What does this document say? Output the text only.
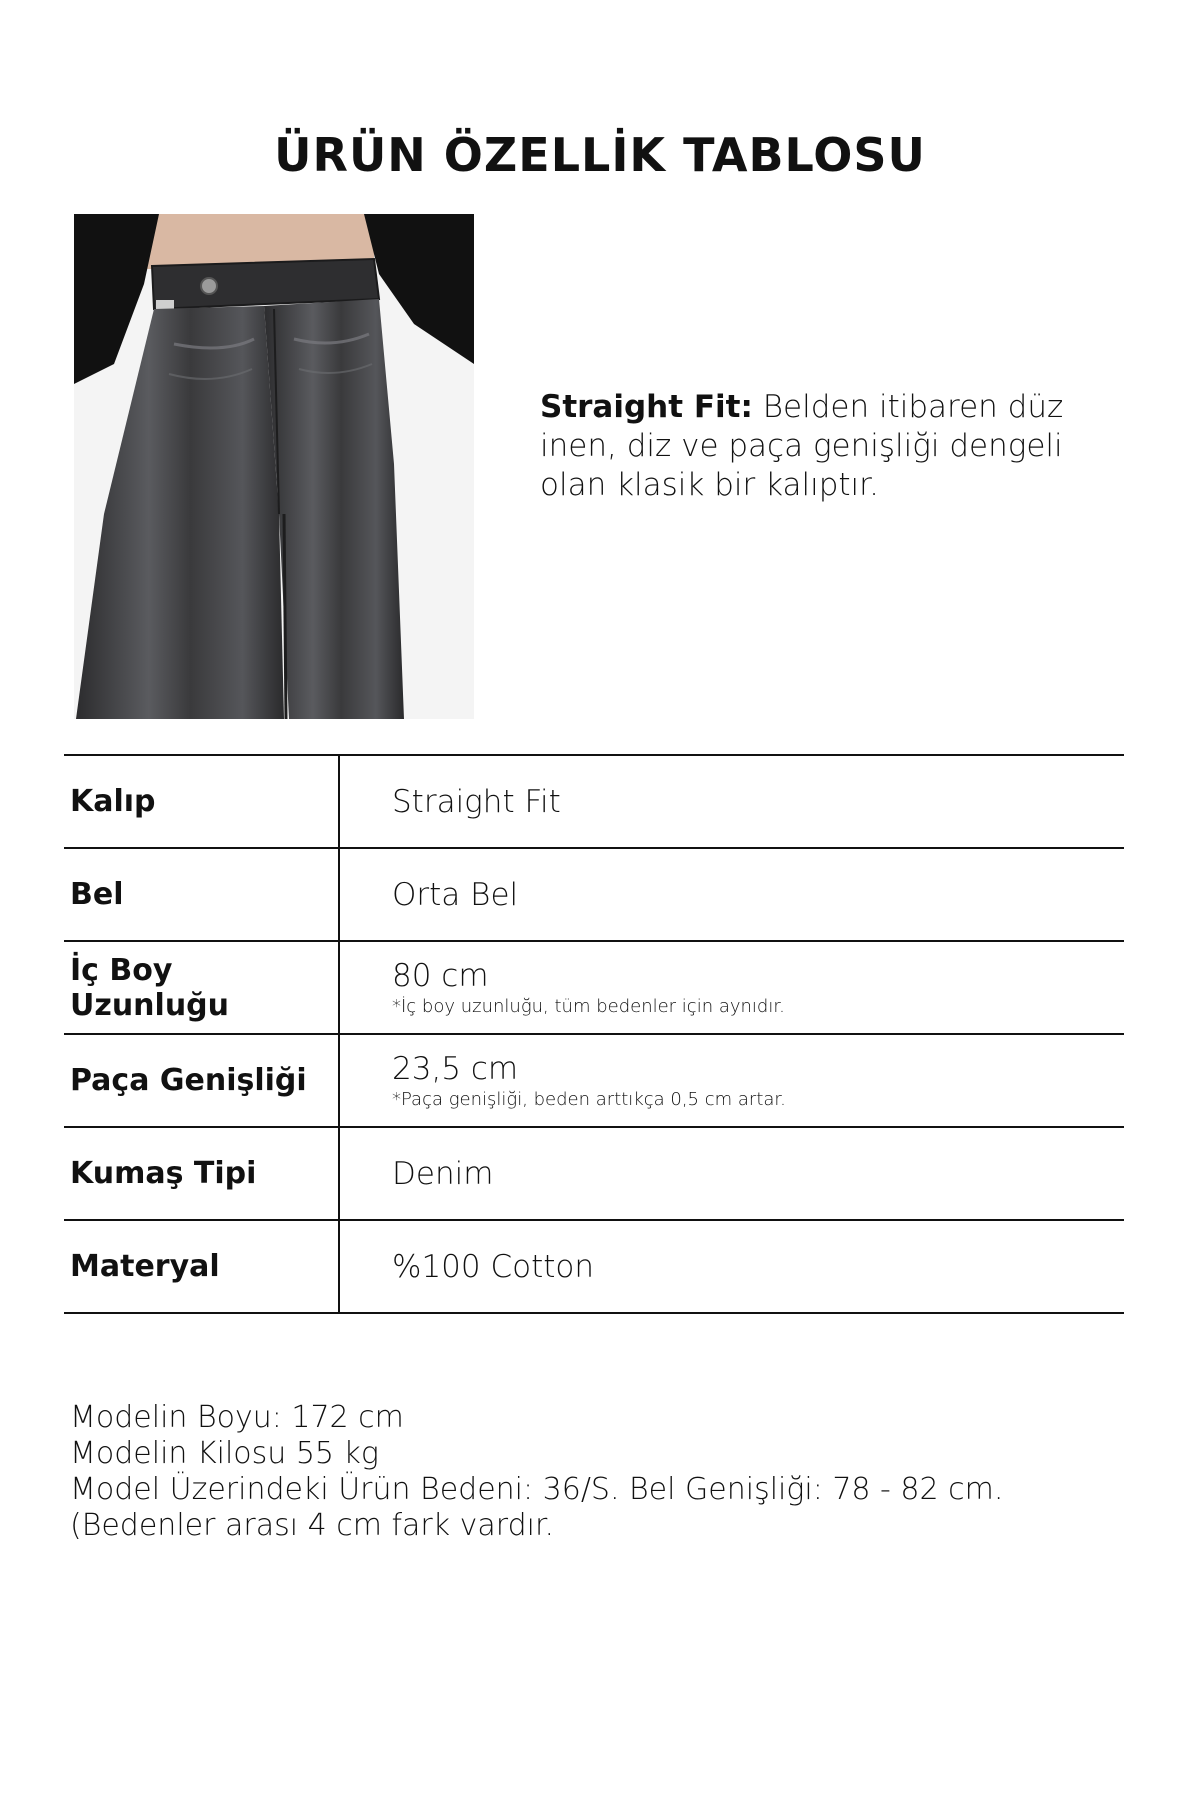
ÜRÜN ÖZELLİK TABLOSU

Straight Fit: Belden itibaren düz inen, diz ve paça genişliği dengeli olan klasik bir kalıptır.

Kalıp	Straight Fit
Bel	Orta Bel
İç Boy Uzunluğu	80 cm
*İç boy uzunluğu, tüm bedenler için aynıdır.

Paça Genişliği	23,5 cm
*Paça genişliği, beden arttıkça 0,5 cm artar.

Kumaş Tipi	Denim
Materyal	%100 Cotton

Modelin Boyu: 172 cm
Modelin Kilosu 55 kg
Model Üzerindeki Ürün Bedeni: 36/S. Bel Genişliği: 78 - 82 cm. (Bedenler arası 4 cm fark vardır.
